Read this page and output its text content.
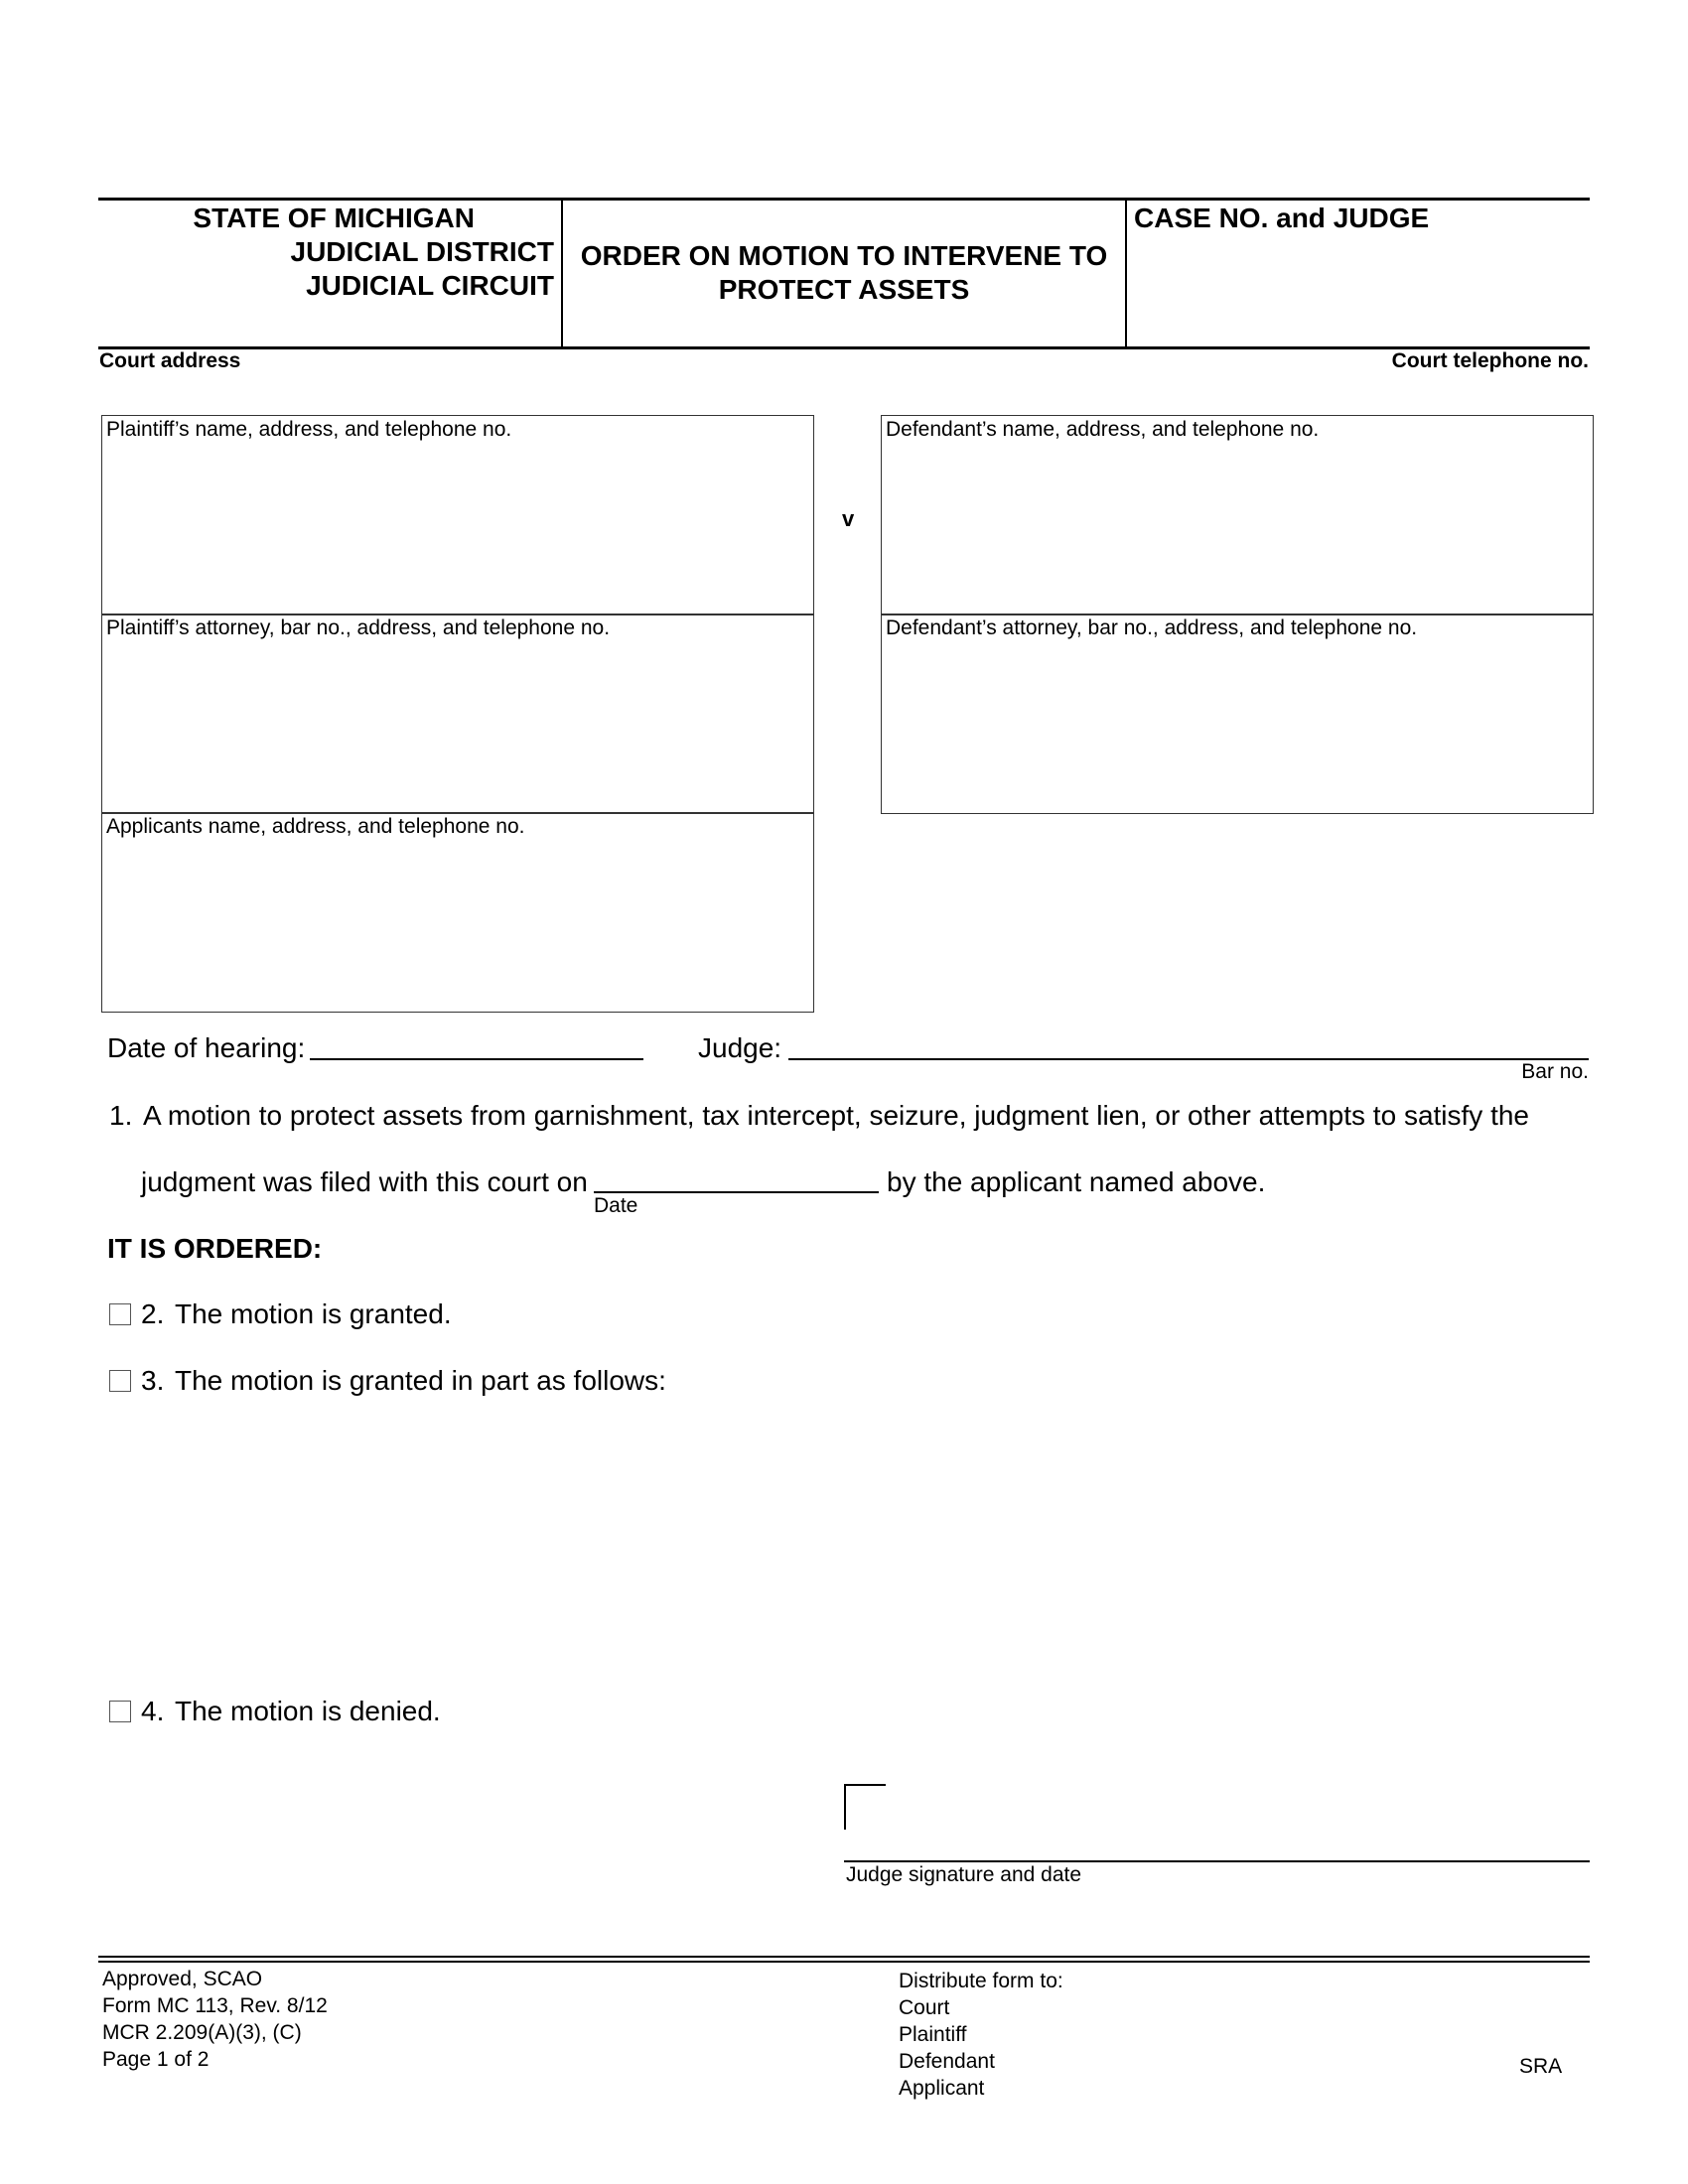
STATE OF MICHIGAN
JUDICIAL DISTRICT
JUDICIAL CIRCUIT
ORDER ON MOTION TO INTERVENE TO
PROTECT ASSETS
CASE NO. and JUDGE
Court address	Court telephone no.
Plaintiff’s name, address, and telephone no.
Plaintiff’s attorney, bar no., address, and telephone no.
Applicants name, address, and telephone no.
v
Defendant’s name, address, and telephone no.
Defendant’s attorney, bar no., address, and telephone no.
Date of hearing:	Judge:
Bar no.
1. A motion to protect assets from garnishment, tax intercept, seizure, judgment lien, or other attempts to satisfy the
judgment was filed with this court on
Date
by the applicant named above.
IT IS ORDERED:
2. The motion is granted.
3. The motion is granted in part as follows:
4. The motion is denied.
Judge signature and date
Approved, SCAO
Form MC 113, Rev. 8/12
MCR 2.209(A)(3), (C)
Page 1 of 2
Distribute form to:
Court
Plaintiff
Defendant
Applicant
SRA
